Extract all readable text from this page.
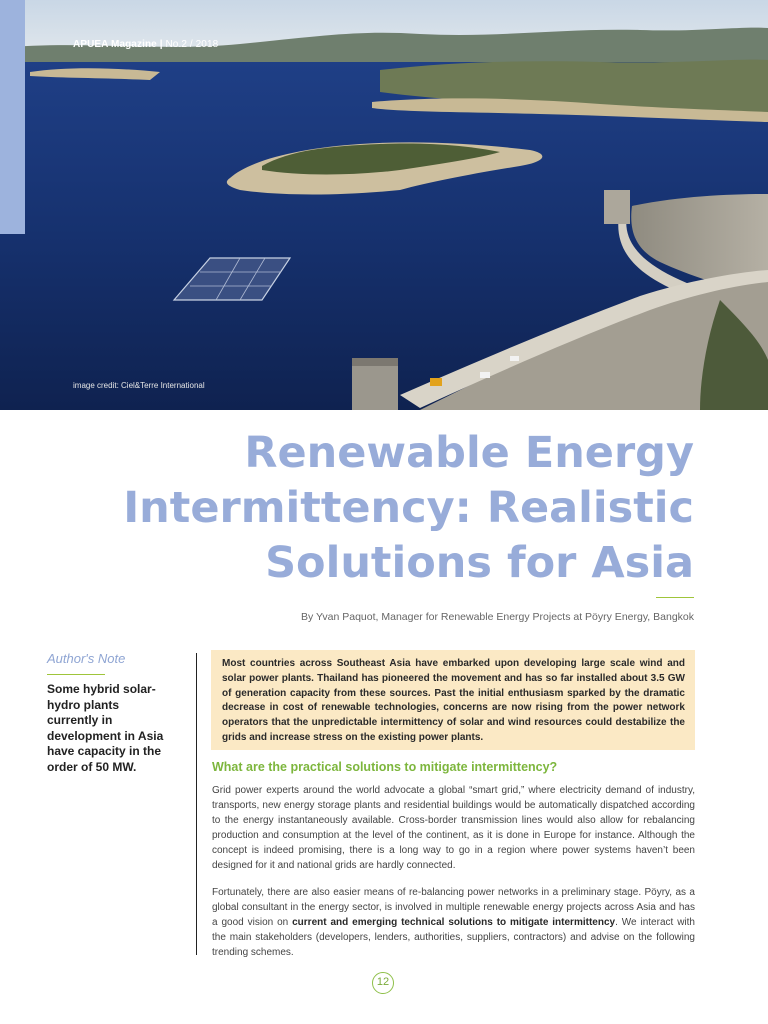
APUEA Magazine | No.2 / 2018
image credit: Ciel&Terre International
Renewable Energy
Intermittency: Realistic
Solutions for Asia
By Yvan Paquot, Manager for Renewable Energy Projects at Pöyry Energy, Bangkok
Author's Note
Some hybrid solar-hydro plants currently in development in Asia have capacity in the order of 50 MW.
Most countries across Southeast Asia have embarked upon developing large scale wind and solar power plants. Thailand has pioneered the movement and has so far installed about 3.5 GW of generation capacity from these sources. Past the initial enthusiasm sparked by the dramatic decrease in cost of renewable technologies, concerns are now rising from the power network operators that the unpredictable intermittency of solar and wind resources could destabilize the grids and increase stress on the existing power plants.
What are the practical solutions to mitigate intermittency?
Grid power experts around the world advocate a global “smart grid,” where electricity demand of industry, transports, new energy storage plants and residential buildings would be automatically dispatched according to the energy instantaneously available. Cross-border transmission lines would also allow for rebalancing production and consumption at the level of the continent, as it is done in Europe for instance. Although the concept is indeed promising, there is a long way to go in a region where power systems haven’t been designed for it and national grids are hardly connected.
Fortunately, there are also easier means of re-balancing power networks in a preliminary stage. Pöyry, as a global consultant in the energy sector, is involved in multiple renewable energy projects across Asia and has a good vision on current and emerging technical solutions to mitigate intermittency. We interact with the main stakeholders (developers, lenders, authorities, suppliers, contractors) and advise on the following trending schemes.
12
